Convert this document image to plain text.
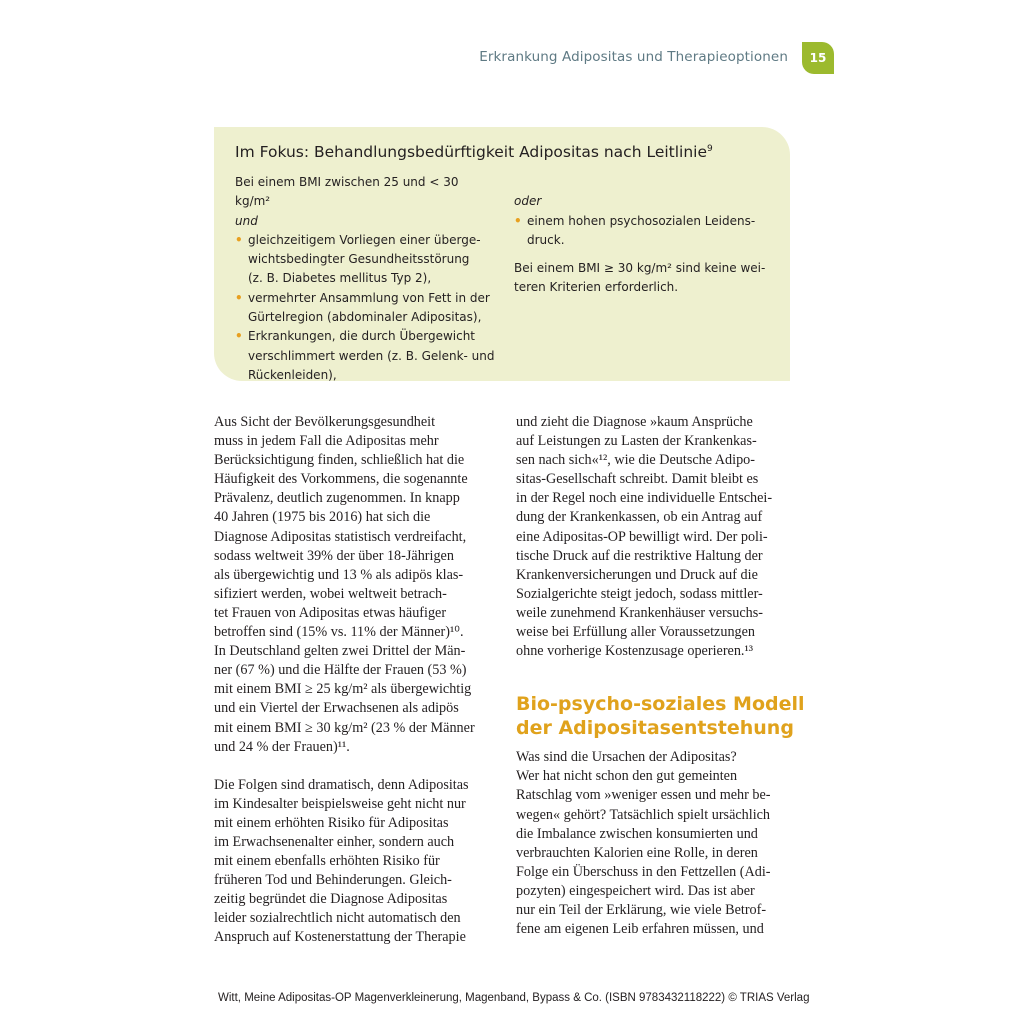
Erkrankung Adipositas und Therapieoptionen	15
Im Fokus: Behandlungsbedürftigkeit Adipositas nach Leitlinie$^9$

Bei einem BMI zwischen 25 und < 30 kg/m²

und

• gleichzeitigem Vorliegen einer überge-
wichtsbedingter Gesundheitsstörung
(z. B. Diabetes mellitus Typ 2),
• vermehrter Ansammlung von Fett in der
Gürtelregion (abdominaler Adipositas),
• Erkrankungen, die durch Übergewicht
verschlimmert werden (z. B. Gelenk- und
Rückenleiden),

oder

• einem hohen psychosozialen Leidens-
druck.
Bei einem BMI ≥ 30 kg/m² sind keine wei-
teren Kriterien erforderlich.
Aus Sicht der Bevölkerungsgesundheit
muss in jedem Fall die Adipositas mehr
Berücksichtigung finden, schließlich hat die
Häufigkeit des Vorkommens, die sogenannte
Prävalenz, deutlich zugenommen. In knapp
40 Jahren (1975 bis 2016) hat sich die
Diagnose Adipositas statistisch verdreifacht,
sodass weltweit 39% der über 18-Jährigen
als übergewichtig und 13 % als adipös klas-
sifiziert werden, wobei weltweit betrach-
tet Frauen von Adipositas etwas häufiger
betroffen sind (15% vs. 11% der Männer)¹⁰.
In Deutschland gelten zwei Drittel der Män-
ner (67 %) und die Hälfte der Frauen (53 %)
mit einem BMI ≥ 25 kg/m² als übergewichtig
und ein Viertel der Erwachsenen als adipös
mit einem BMI ≥ 30 kg/m² (23 % der Männer
und 24 % der Frauen)¹¹.
Die Folgen sind dramatisch, denn Adipositas
im Kindesalter beispielsweise geht nicht nur
mit einem erhöhten Risiko für Adipositas
im Erwachsenenalter einher, sondern auch
mit einem ebenfalls erhöhten Risiko für
früheren Tod und Behinderungen. Gleich-
zeitig begründet die Diagnose Adipositas
leider sozialrechtlich nicht automatisch den
Anspruch auf Kostenerstattung der Therapie
und zieht die Diagnose »kaum Ansprüche
auf Leistungen zu Lasten der Krankenkas-
sen nach sich«¹², wie die Deutsche Adipo-
sitas-Gesellschaft schreibt. Damit bleibt es
in der Regel noch eine individuelle Entschei-
dung der Krankenkassen, ob ein Antrag auf
eine Adipositas-OP bewilligt wird. Der poli-
tische Druck auf die restriktive Haltung der
Krankenversicherungen und Druck auf die
Sozialgerichte steigt jedoch, sodass mittler-
weile zunehmend Krankenhäuser versuchs-
weise bei Erfüllung aller Voraussetzungen
ohne vorherige Kostenzusage operieren.¹³
Bio-psycho-soziales Modell
der Adipositasentstehung
Was sind die Ursachen der Adipositas?
Wer hat nicht schon den gut gemeinten
Ratschlag vom »weniger essen und mehr be-
wegen« gehört? Tatsächlich spielt ursächlich
die Imbalance zwischen konsumierten und
verbrauchten Kalorien eine Rolle, in deren
Folge ein Überschuss in den Fettzellen (Adi-
pozyten) eingespeichert wird. Das ist aber
nur ein Teil der Erklärung, wie viele Betrof-
fene am eigenen Leib erfahren müssen, und
Witt, Meine Adipositas-OP Magenverkleinerung, Magenband, Bypass & Co. (ISBN 9783432118222) © TRIAS Verlag
